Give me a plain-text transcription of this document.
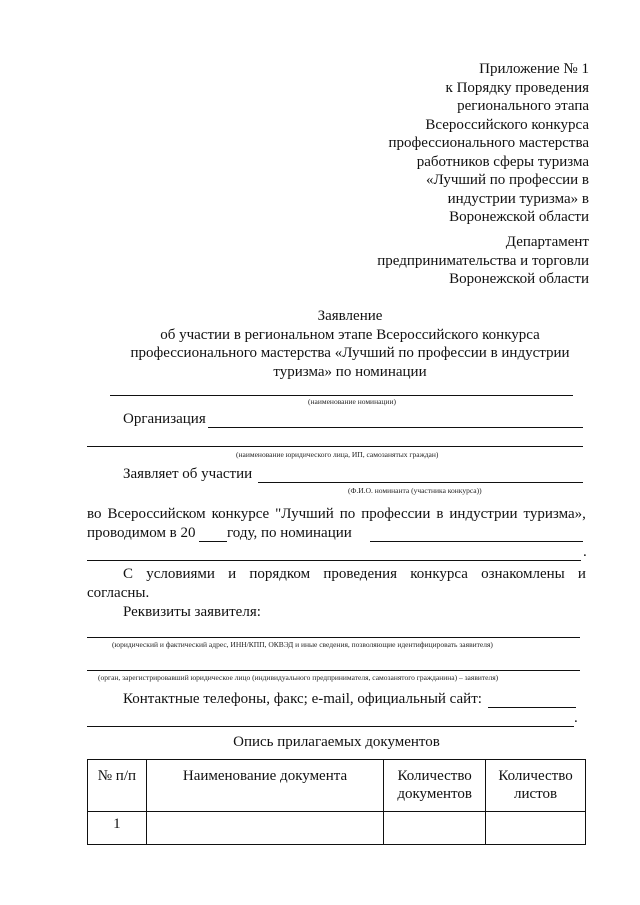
Приложение № 1
к Порядку проведения
регионального этапа
Всероссийского конкурса
профессионального мастерства
работников сферы туризма
«Лучший по профессии в
индустрии туризма» в
Воронежской области
Департамент
предпринимательства и торговли
Воронежской области
Заявление
об участии в региональном этапе Всероссийского конкурса
профессионального мастерства «Лучший по профессии в индустрии
туризма» по номинации
(наименование номинации)
Организация
(наименование юридического лица, ИП, самозанятых граждан)
Заявляет об участии
(Ф.И.О. номинанта (участника конкурса))
во Всероссийском конкурсе "Лучший по профессии в индустрии туризма»,
проводимом в 20 году, по номинации
.
С условиями и порядком проведения конкурса ознакомлены и
согласны.
Реквизиты заявителя:
(юридический и фактический адрес, ИНН/КПП, ОКВЭД и иные сведения, позволяющие идентифицировать заявителя)
(орган, зарегистрировавший юридическое лицо (индивидуального предпринимателя, самозанятого гражданина) – заявителя)
Контактные телефоны, факс; e-mail, официальный сайт:
.
Опись прилагаемых документов
№ п/п	Наименование документа	Количество документов	Количество листов
1			
